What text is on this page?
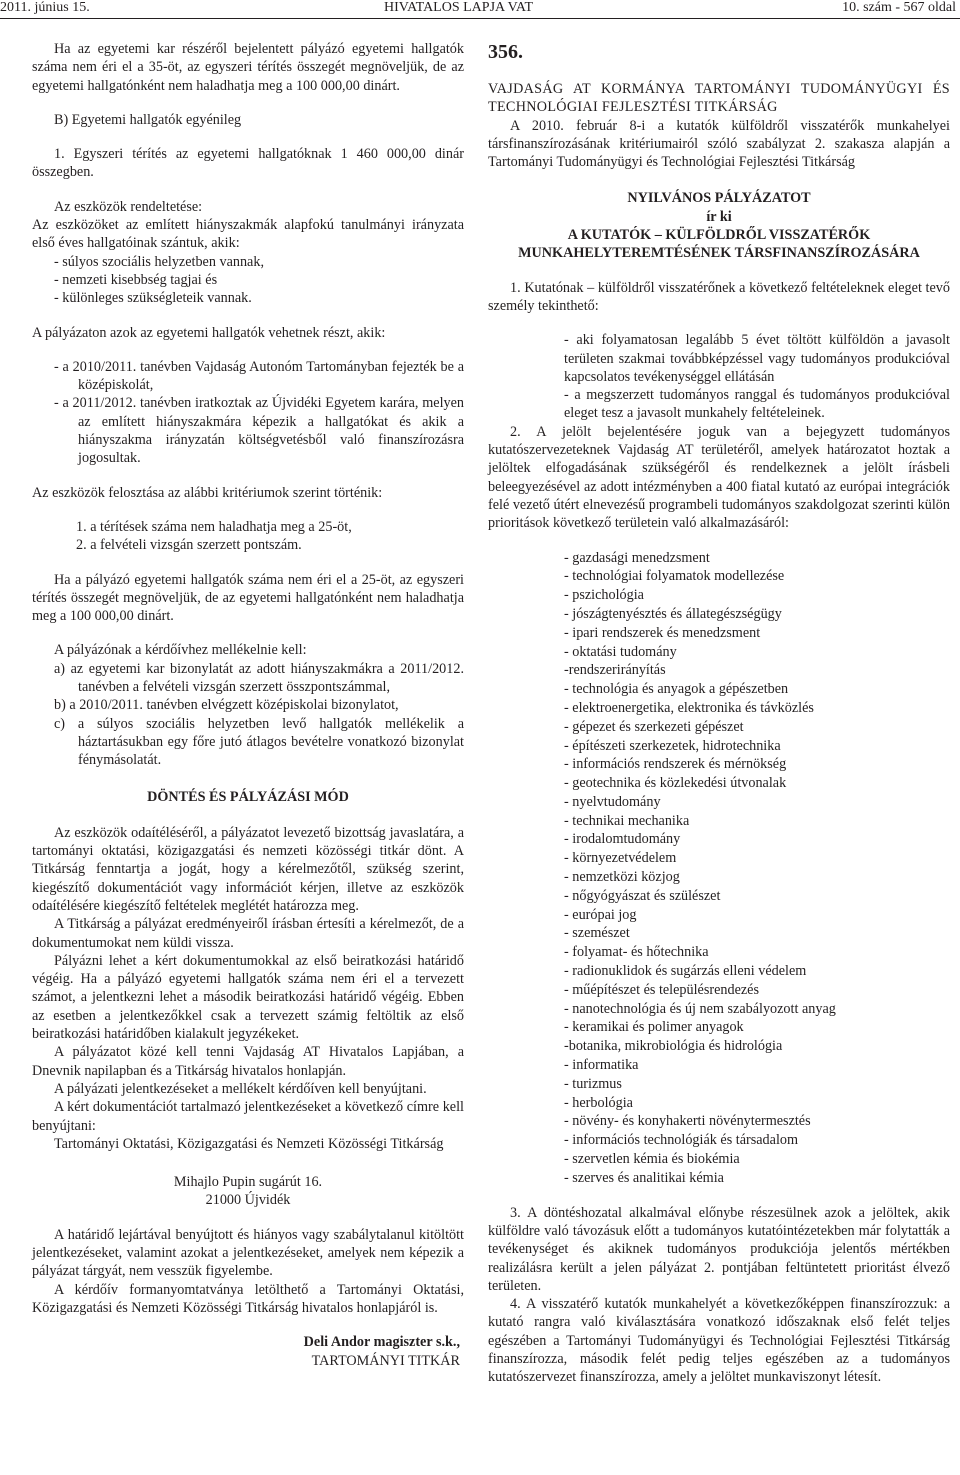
2011. június 15.	HIVATALOS LAPJA VAT	10. szám - 567 oldal

Ha az egyetemi kar részéről bejelentett pályázó egyetemi hallgatók száma nem éri el a 35-öt, az egyszeri térítés összegét megnöveljük, de az egyetemi hallgatónként nem haladhatja meg a 100 000,00 dinárt.

B) Egyetemi hallgatók egyénileg

1. Egyszeri térítés az egyetemi hallgatóknak 1 460 000,00 dinár összegben.

Az eszközök rendeltetése:

Az eszközöket az említett hiányszakmák alapfokú tanulmányi irányzata első éves hallgatóinak szántuk, akik:

- súlyos szociális helyzetben vannak,

- nemzeti kisebbség tagjai és

- különleges szükségleteik vannak.

A pályázaton azok az egyetemi hallgatók vehetnek részt, akik:

- a 2010/2011. tanévben Vajdaság Autonóm Tartományban fejezték be a középiskolát,

- a 2011/2012. tanévben iratkoztak az Újvidéki Egyetem karára, melyen az említett hiányszakmára képezik a hallgatókat és akik a hiányszakma irányzatán költségvetésből való finanszírozásra jogosultak.

Az eszközök felosztása az alábbi kritériumok szerint történik:

1. a térítések száma nem haladhatja meg a 25-öt,

2. a felvételi vizsgán szerzett pontszám.

Ha a pályázó egyetemi hallgatók száma nem éri el a 25-öt, az egyszeri térítés összegét megnöveljük, de az egyetemi hallgatónként nem haladhatja meg a 100 000,00 dinárt.

A pályázónak a kérdőívhez mellékelnie kell:

a) az egyetemi kar bizonylatát az adott hiányszakmákra a 2011/2012. tanévben a felvételi vizsgán szerzett összpontszámmal,

b) a 2010/2011. tanévben elvégzett középiskolai bizonylatot,

c) a súlyos szociális helyzetben levő hallgatók mellékelik a háztartásukban egy főre jutó átlagos bevételre vonatkozó bizonylat fénymásolatát.

DÖNTÉS ÉS PÁLYÁZÁSI MÓD

Az eszközök odaítéléséről, a pályázatot levezető bizottság javaslatára, a tartományi oktatási, közigazgatási és nemzeti közösségi titkár dönt. A Titkárság fenntartja a jogát, hogy a kérelmezőtől, szükség szerint, kiegészítő dokumentációt vagy információt kérjen, illetve az eszközök odaítélésére kiegészítő feltételek meglétét határozza meg.

A Titkárság a pályázat eredményeiről írásban értesíti a kérelmezőt, de a dokumentumokat nem küldi vissza.

Pályázni lehet a kért dokumentumokkal az első beiratkozási határidő végéig. Ha a pályázó egyetemi hallgatók száma nem éri el a tervezett számot, a jelentkezni lehet a második beiratkozási határidő végéig. Ebben az esetben a jelentkezőkkel csak a tervezett számig feltöltik az első beiratkozási határidőben kialakult jegyzékeket.

A pályázatot közé kell tenni Vajdaság AT Hivatalos Lapjában, a Dnevnik napilapban és a Titkárság hivatalos honlapján.

A pályázati jelentkezéseket a mellékelt kérdőíven kell benyújtani.

A kért dokumentációt tartalmazó jelentkezéseket a következő címre kell benyújtani:

Tartományi Oktatási, Közigazgatási és Nemzeti Közösségi Titkárság

Mihajlo Pupin sugárút 16.

21000 Újvidék

A határidő lejártával benyújtott és hiányos vagy szabálytalanul kitöltött jelentkezéseket, valamint azokat a jelentkezéseket, amelyek nem képezik a pályázat tárgyát, nem vesszük figyelembe.

A kérdőív formanyomtatványa letölthető a Tartományi Oktatási, Közigazgatási és Nemzeti Közösségi Titkárság hivatalos honlapjáról is.

Deli Andor magiszter s.k.,

TARTOMÁNYI TITKÁR

356.

VAJDASÁG AT KORMÁNYA TARTOMÁNYI TUDOMÁNYÜGYI ÉS TECHNOLÓGIAI FEJLESZTÉSI TITKÁRSÁG

A 2010. február 8-i a kutatók külföldről visszatérők munkahelyei társfinanszírozásának kritériumairól szóló szabályzat 2. szakasza alapján a Tartományi Tudományügyi és Technológiai Fejlesztési Titkárság

NYILVÁNOS PÁLYÁZATOT

ír ki

A KUTATÓK – KÜLFÖLDRŐL VISSZATÉRŐK

MUNKAHELYTEREMTÉSÉNEK TÁRSFINANSZÍROZÁSÁRA

1. Kutatónak – külföldről visszatérőnek a következő feltételeknek eleget tevő személy tekinthető:

- aki folyamatosan legalább 5 évet töltött külföldön a javasolt területen szakmai továbbképzéssel vagy tudományos produkcióval kapcsolatos tevékenységgel ellátásán

- a megszerzett tudományos ranggal és tudományos produkcióval eleget tesz a javasolt munkahely feltételeinek.

2. A jelölt bejelentésére joguk van a bejegyzett tudományos kutatószervezeteknek Vajdaság AT területéről, amelyek határozatot hoztak a jelöltek elfogadásának szükségéről és rendelkeznek a jelölt írásbeli beleegyezésével az adott intézményben a 400 fiatal kutató az európai integrációk felé vezető útért elnevezésű programbeli tudományos szakdolgozat szerinti külön prioritások következő területein való alkalmazásáról:

- gazdasági menedzsment

- technológiai folyamatok modellezése

- pszichológia

- jószágtenyésztés és állategészségügy

- ipari rendszerek és menedzsment

- oktatási tudomány

-rendszerirányítás

- technológia és anyagok a gépészetben

- elektroenergetika, elektronika és távközlés

- gépezet és szerkezeti gépészet

- építészeti szerkezetek, hidrotechnika

- információs rendszerek és mérnökség

- geotechnika és közlekedési útvonalak

- nyelvtudomány

- technikai mechanika

- irodalomtudomány

- környezetvédelem

- nemzetközi közjog

- nőgyógyászat és szülészet

- európai jog

- szemészet

- folyamat- és hőtechnika

- radionuklidok és sugárzás elleni védelem

- műépítészet és településrendezés

- nanotechnológia és új nem szabályozott anyag

- keramikai és polimer anyagok

-botanika, mikrobiológia és hidrológia

- informatika

- turizmus

- herbológia

- növény- és konyhakerti növénytermesztés

- információs technológiák és társadalom

- szervetlen kémia és biokémia

- szerves és analitikai kémia

3. A döntéshozatal alkalmával előnybe részesülnek azok a jelöltek, akik külföldre való távozásuk előtt a tudományos kutatóintézetekben már folytatták a tevékenységet és akiknek tudományos produkciója jelentős mértékben realizálásra került a jelen pályázat 2. pontjában feltüntetett prioritást élvező területen.

4. A visszatérő kutatók munkahelyét a következőképpen finanszírozzuk: a kutató rangra való kiválasztására vonatkozó időszaknak első felét teljes egészében a Tartományi Tudományügyi és Technológiai Fejlesztési Titkárság finanszírozza, második felét pedig teljes egészében az a tudományos kutatószervezet finanszírozza, amely a jelöltet munkaviszonyt létesít.
